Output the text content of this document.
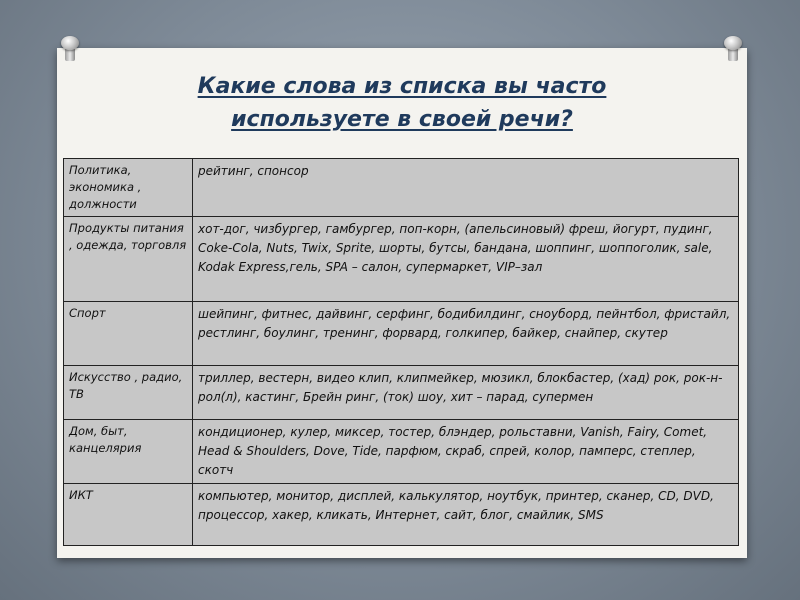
Какие слова из списка вы часто
используете в своей речи?
Политика, экономика , должности	рейтинг, спонсор
Продукты питания , одежда, торговля	хот-дог, чизбургер, гамбургер, поп-корн, (апельсиновый) фреш, йогурт, пудинг, Coke-Cola, Nuts, Twix, Sprite, шорты, бутсы, бандана, шоппинг, шоппоголик, sale, Kodak Express,гель, SPA – салон, супермаркет, VIP–зал
Спорт	шейпинг, фитнес, дайвинг, серфинг, бодибилдинг, сноуборд, пейнтбол, фристайл, рестлинг, боулинг, тренинг, форвард, голкипер, байкер, снайпер, скутер
Искусство , радио, ТВ	триллер, вестерн, видео клип, клипмейкер, мюзикл, блокбастер, (хад) рок, рок-н-рол(л), кастинг, Брейн ринг, (ток) шоу, хит – парад, супермен
Дом, быт, канцелярия	кондиционер, кулер, миксер, тостер, блэндер, рольставни, Vanish, Fairy, Comet, Head & Shoulders, Dove, Tide, парфюм, скраб, спрей, колор, памперс, степлер, скотч
ИКТ	компьютер, монитор, дисплей, калькулятор, ноутбук, принтер, сканер, CD, DVD, процессор, хакер, кликать, Интернет, сайт, блог, смайлик, SMS
